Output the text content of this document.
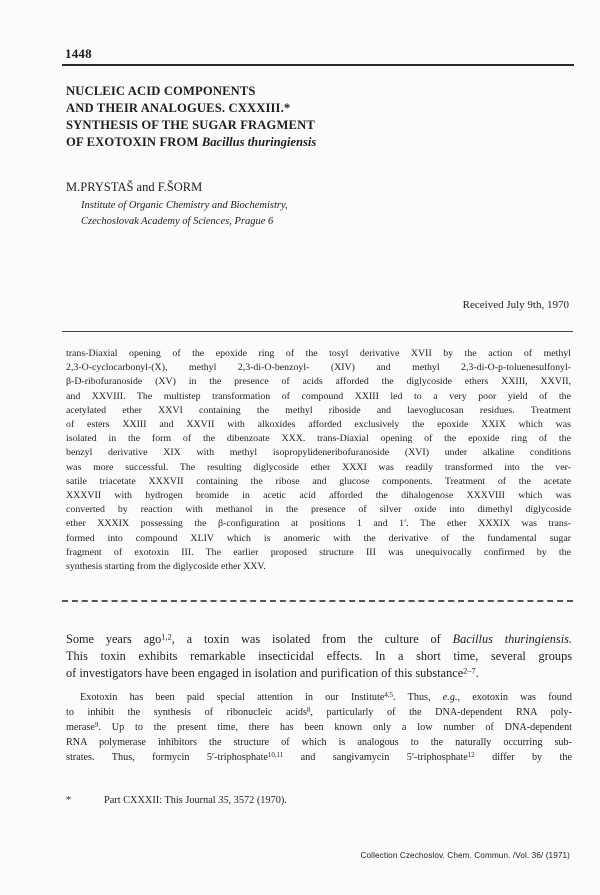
1448
NUCLEIC ACID COMPONENTS
AND THEIR ANALOGUES. CXXXIII.*
SYNTHESIS OF THE SUGAR FRAGMENT
OF EXOTOXIN FROM Bacillus thuringiensis
M.PRYSTAŠ and F.ŠORM
Institute of Organic Chemistry and Biochemistry,
Czechoslovak Academy of Sciences, Prague 6
Received July 9th, 1970
trans-Diaxial opening of the epoxide ring of the tosyl derivative XVII by the action of methyl
2,3-O-cyclocarbonyl-(X), methyl 2,3-di-O-benzoyl- (XIV) and methyl 2,3-di-O-p-toluenesulfonyl-
β-D-ribofuranoside (XV) in the presence of acids afforded the diglycoside ethers XXIII, XXVII,
and XXVIII. The multistep transformation of compound XXIII led to a very poor yield of the
acetylated ether XXVI containing the methyl riboside and laevoglucosan residues. Treatment
of esters XXIII and XXVII with alkoxides afforded exclusively the epoxide XXIX which was
isolated in the form of the dibenzoate XXX. trans-Diaxial opening of the epoxide ring of the
benzyl derivative XIX with methyl isopropylideneribofuranoside (XVI) under alkaline conditions
was more successful. The resulting diglycoside ether XXXI was readily transformed into the ver-
satile triacetate XXXVII containing the ribose and glucose components. Treatment of the acetate
XXXVII with hydrogen bromide in acetic acid afforded the dihalogenose XXXVIII which was
converted by reaction with methanol in the presence of silver oxide into dimethyl diglycoside
ether XXXIX possessing the β-configuration at positions 1 and 1′. The ether XXXIX was trans-
formed into compound XLIV which is anomeric with the derivative of the fundamental sugar
fragment of exotoxin III. The earlier proposed structure III was unequivocally confirmed by the
synthesis starting from the diglycoside ether XXV.
Some years ago$^{1,2}$, a toxin was isolated from the culture of Bacillus thuringiensis.
This toxin exhibits remarkable insecticidal effects. In a short time, several groups
of investigators have been engaged in isolation and purification of this substance$^{2-7}$.
Exotoxin has been paid special attention in our Institute$^{4,5}$. Thus, e.g., exotoxin was found
to inhibit the synthesis of ribonucleic acids$^8$, particularly of the DNA-dependent RNA poly-
merase$^9$. Up to the present time, there has been known only a low number of DNA-dependent
RNA polymerase inhibitors the structure of which is analogous to the naturally occurring sub-
strates. Thus, formycin 5′-triphosphate$^{10,11}$ and sangivamycin 5′-triphosphate$^{12}$ differ by the
*	Part CXXXII: This Journal 35, 3572 (1970).
Collection Czechoslov. Chem. Commun. /Vol. 36/ (1971)
